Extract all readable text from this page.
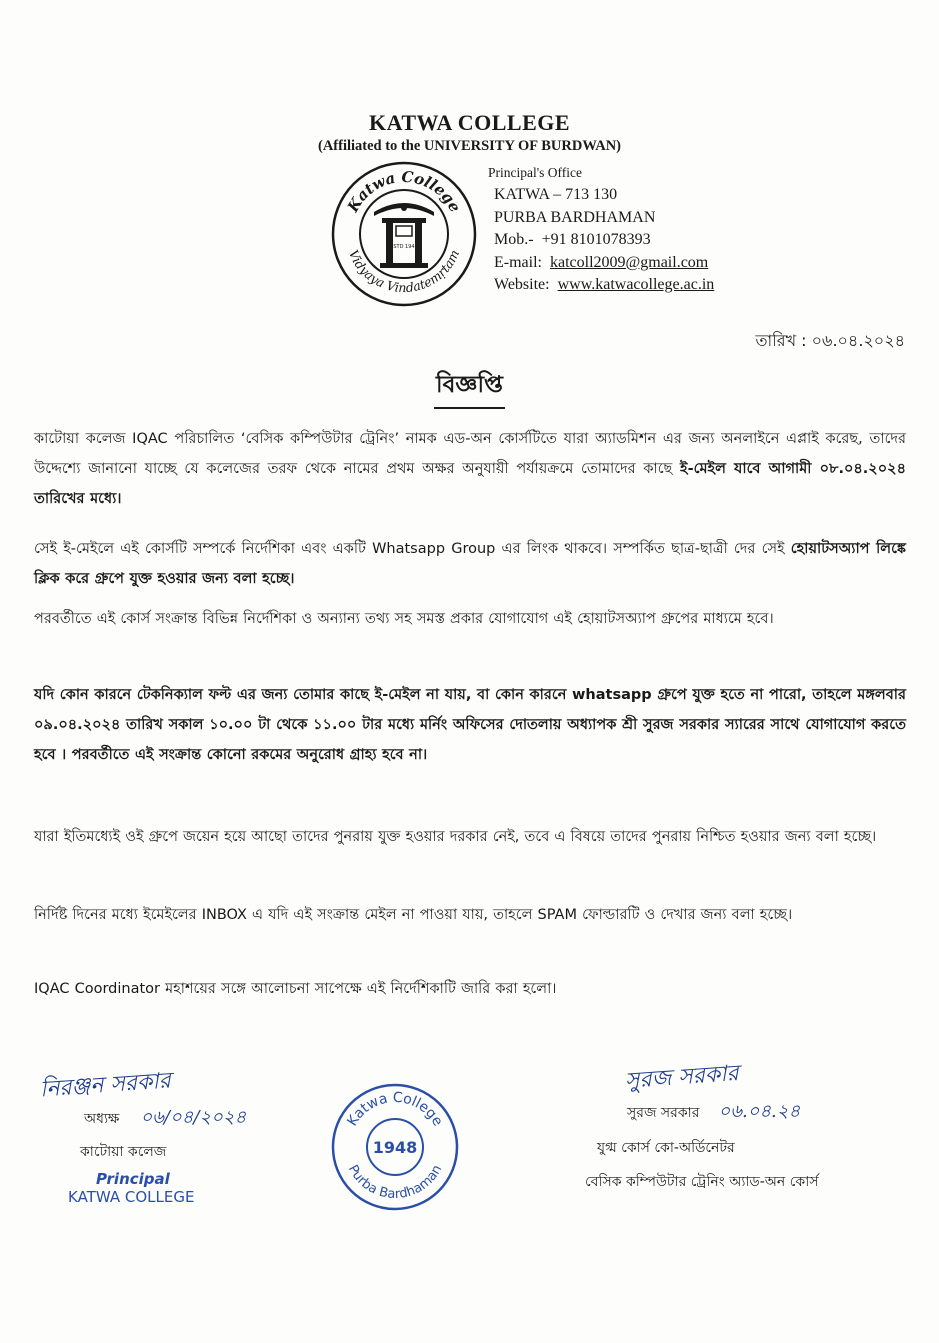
KATWA COLLEGE
(Affiliated to the UNIVERSITY OF BURDWAN)
Katwa College
Vidyaya Vindatemṛtam
ESTD 1948
Principal's Office
KATWA – 713 130
PURBA BARDHAMAN
Mob.- +91 8101078393
E-mail: katcoll2009@gmail.com
Website: www.katwacollege.ac.in
তারিখ : ০৬.০৪.২০২৪
বিজ্ঞপ্তি
কাটোয়া কলেজ IQAC পরিচালিত ‘বেসিক কম্পিউটার ট্রেনিং’ নামক এড-অন কোর্সটিতে যারা অ্যাডমিশন এর জন্য অনলাইনে এপ্লাই করেছ, তাদের উদ্দেশ্যে জানানো যাচ্ছে যে কলেজের তরফ থেকে নামের প্রথম অক্ষর অনুযায়ী পর্যায়ক্রমে তোমাদের কাছে ই-মেইল যাবে আগামী ০৮.০৪.২০২৪ তারিখের মধ্যে।
সেই ই-মেইলে এই কোর্সটি সম্পর্কে নির্দেশিকা এবং একটি Whatsapp Group এর লিংক থাকবে। সম্পর্কিত ছাত্র-ছাত্রী দের সেই হোয়াটসঅ্যাপ লিঙ্কে ক্লিক করে গ্রুপে যুক্ত হওয়ার জন্য বলা হচ্ছে।
পরবর্তীতে এই কোর্স সংক্রান্ত বিভিন্ন নির্দেশিকা ও অন্যান্য তথ্য সহ সমস্ত প্রকার যোগাযোগ এই হোয়াটসঅ্যাপ গ্রুপের মাধ্যমে হবে।
যদি কোন কারনে টেকনিক্যাল ফল্ট এর জন্য তোমার কাছে ই-মেইল না যায়, বা কোন কারনে whatsapp গ্রুপে যুক্ত হতে না পারো, তাহলে মঙ্গলবার ০৯.০৪.২০২৪ তারিখ সকাল ১০.০০ টা থেকে ১১.০০ টার মধ্যে মর্নিং অফিসের দোতলায় অধ্যাপক শ্রী সুরজ সরকার স্যারের সাথে যোগাযোগ করতে হবে । পরবর্তীতে এই সংক্রান্ত কোনো রকমের অনুরোধ গ্রাহ্য হবে না।
যারা ইতিমধ্যেই ওই গ্রুপে জয়েন হয়ে আছো তাদের পুনরায় যুক্ত হওয়ার দরকার নেই, তবে এ বিষয়ে তাদের পুনরায় নিশ্চিত হওয়ার জন্য বলা হচ্ছে।
নির্দিষ্ট দিনের মধ্যে ইমেইলের INBOX এ যদি এই সংক্রান্ত মেইল না পাওয়া যায়, তাহলে SPAM ফোল্ডারটি ও দেখার জন্য বলা হচ্ছে।
IQAC Coordinator মহাশয়ের সঙ্গে আলোচনা সাপেক্ষে এই নির্দেশিকাটি জারি করা হলো।
নিরঞ্জন সরকার
অধ্যক্ষ ০৬/০৪/২০২৪
কাটোয়া কলেজ
Principal
KATWA COLLEGE
Katwa College
Purba Bardhaman
1948
সুরজ সরকার
সুরজ সরকার ০৬.০৪.২৪
যুগ্ম কোর্স কো-অর্ডিনেটর
বেসিক কম্পিউটার ট্রেনিং অ্যাড-অন কোর্স
